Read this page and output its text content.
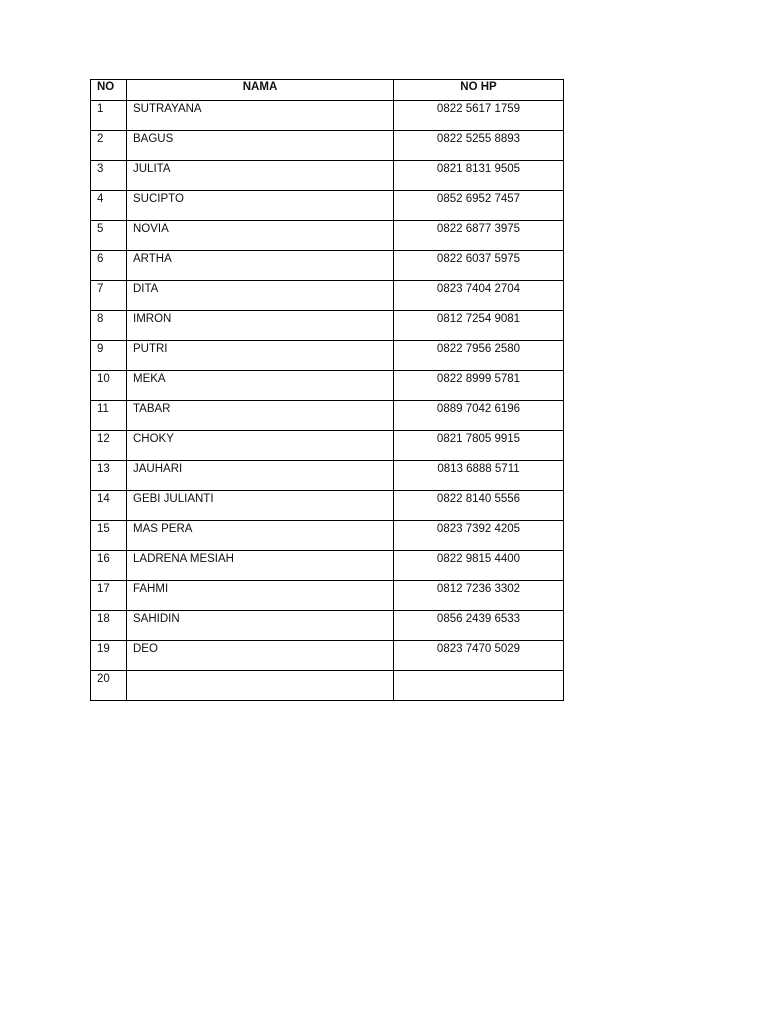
NO	NAMA	NO HP
1	SUTRAYANA	0822 5617 1759
2	BAGUS	0822 5255 8893
3	JULITA	0821 8131 9505
4	SUCIPTO	0852 6952 7457
5	NOVIA	0822 6877 3975
6	ARTHA	0822 6037 5975
7	DITA	0823 7404 2704
8	IMRON	0812 7254 9081
9	PUTRI	0822 7956 2580
10	MEKA	0822 8999 5781
11	TABAR	0889 7042 6196
12	CHOKY	0821 7805 9915
13	JAUHARI	0813 6888 5711
14	GEBI JULIANTI	0822 8140 5556
15	MAS PERA	0823 7392 4205
16	LADRENA MESIAH	0822 9815 4400
17	FAHMI	0812 7236 3302
18	SAHIDIN	0856 2439 6533
19	DEO	0823 7470 5029
20		
